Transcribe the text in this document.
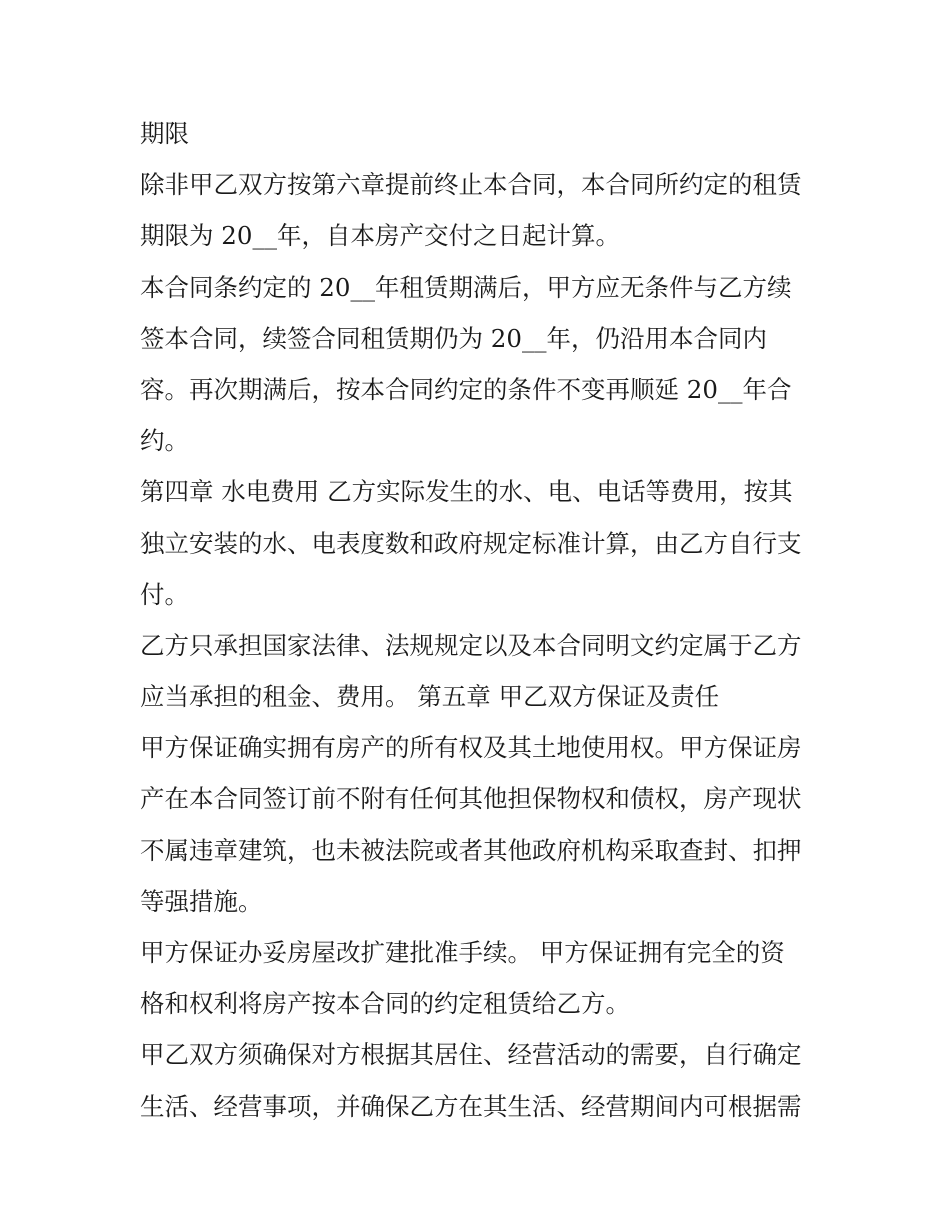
期限
除非甲乙双方按第六章提前终止本合同，本合同所约定的租赁
期限为 20__年，自本房产交付之日起计算。
本合同条约定的 20__年租赁期满后，甲方应无条件与乙方续
签本合同，续签合同租赁期仍为 20__年，仍沿用本合同内
容。再次期满后，按本合同约定的条件不变再顺延 20__年合
约。
第四章 水电费用 乙方实际发生的水、电、电话等费用，按其
独立安装的水、电表度数和政府规定标准计算，由乙方自行支
付。
乙方只承担国家法律、法规规定以及本合同明文约定属于乙方
应当承担的租金、费用。 第五章 甲乙双方保证及责任
甲方保证确实拥有房产的所有权及其土地使用权。甲方保证房
产在本合同签订前不附有任何其他担保物权和债权，房产现状
不属违章建筑，也未被法院或者其他政府机构采取查封、扣押
等强措施。
甲方保证办妥房屋改扩建批准手续。 甲方保证拥有完全的资
格和权利将房产按本合同的约定租赁给乙方。
甲乙双方须确保对方根据其居住、经营活动的需要，自行确定
生活、经营事项，并确保乙方在其生活、经营期间内可根据需
